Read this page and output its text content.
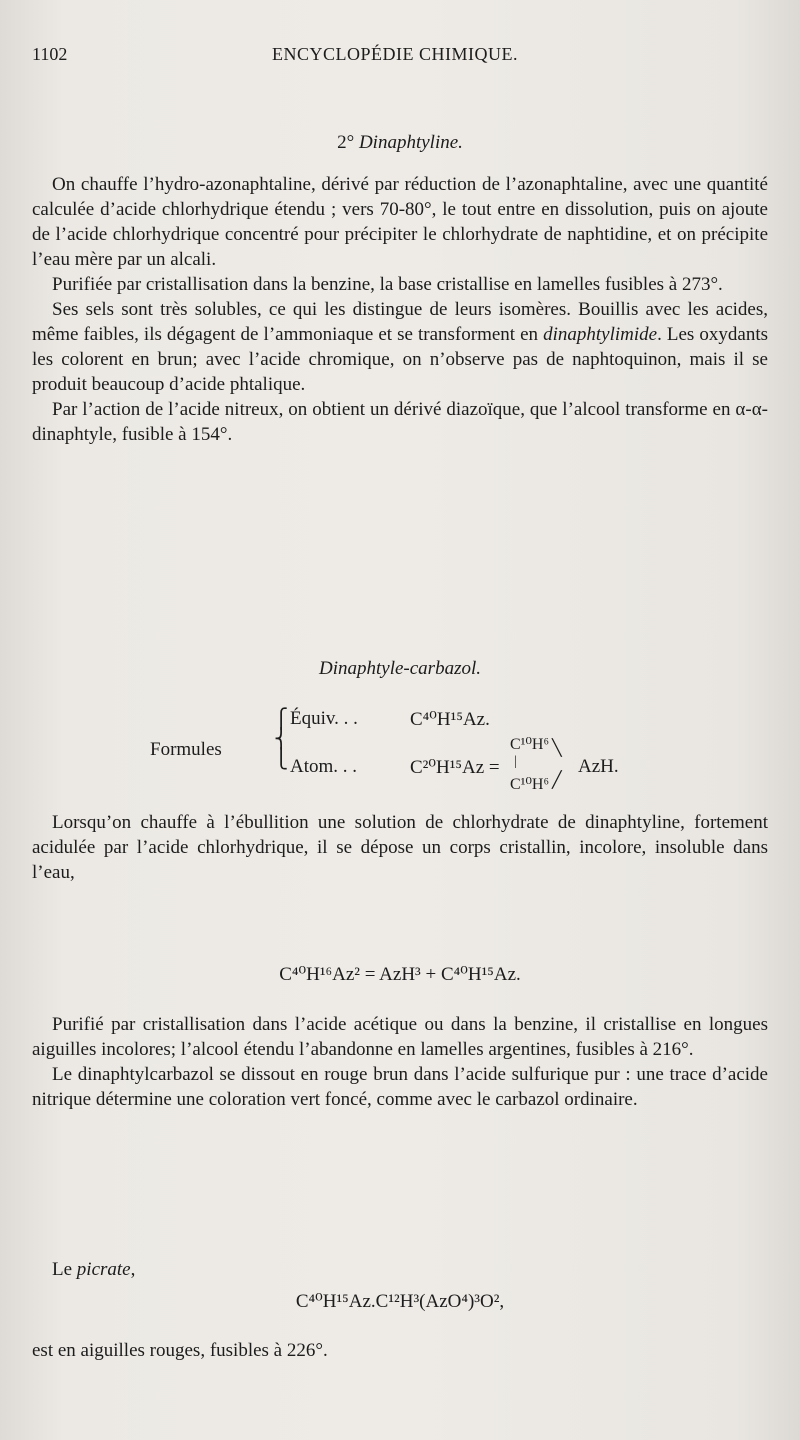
1102	ENCYCLOPÉDIE CHIMIQUE.
2° Dinaphtyline.

On chauffe l’hydro-azonaphtaline, dérivé par réduction de l’azonaphtaline, avec une quantité calculée d’acide chlorhydrique étendu ; vers 70-80°, le tout entre en dissolution, puis on ajoute de l’acide chlorhydrique concentré pour précipiter le chlorhydrate de naphtidine, et on précipite l’eau mère par un alcali.

Purifiée par cristallisation dans la benzine, la base cristallise en lamelles fusibles à 273°.

Ses sels sont très solubles, ce qui les distingue de leurs isomères. Bouillis avec les acides, même faibles, ils dégagent de l’ammoniaque et se transforment en dinaphtylimide. Les oxydants les colorent en brun; avec l’acide chromique, on n’observe pas de naphtoquinon, mais il se produit beaucoup d’acide phtalique.

Par l’action de l’acide nitreux, on obtient un dérivé diazoïque, que l’alcool transforme en α-α-dinaphtyle, fusible à 154°.

Dinaphtyle-carbazol.
Formules
⎧
⎨
⎩
Équiv. . .	C⁴⁰H¹⁵Az.
C¹⁰H⁶ ╲
Atom. . .	C²⁰H¹⁵Az = |	AzH.
C¹⁰H⁶ ╱

Lorsqu’on chauffe à l’ébullition une solution de chlorhydrate de dinaphtyline, fortement acidulée par l’acide chlorhydrique, il se dépose un corps cristallin, incolore, insoluble dans l’eau,

C⁴⁰H¹⁶Az² = AzH³ + C⁴⁰H¹⁵Az.

Purifié par cristallisation dans l’acide acétique ou dans la benzine, il cristallise en longues aiguilles incolores; l’alcool étendu l’abandonne en lamelles argentines, fusibles à 216°.

Le dinaphtylcarbazol se dissout en rouge brun dans l’acide sulfurique pur : une trace d’acide nitrique détermine une coloration vert foncé, comme avec le carbazol ordinaire.

Le picrate,

C⁴⁰H¹⁵Az.C¹²H³(AzO⁴)³O²,

est en aiguilles rouges, fusibles à 226°.
